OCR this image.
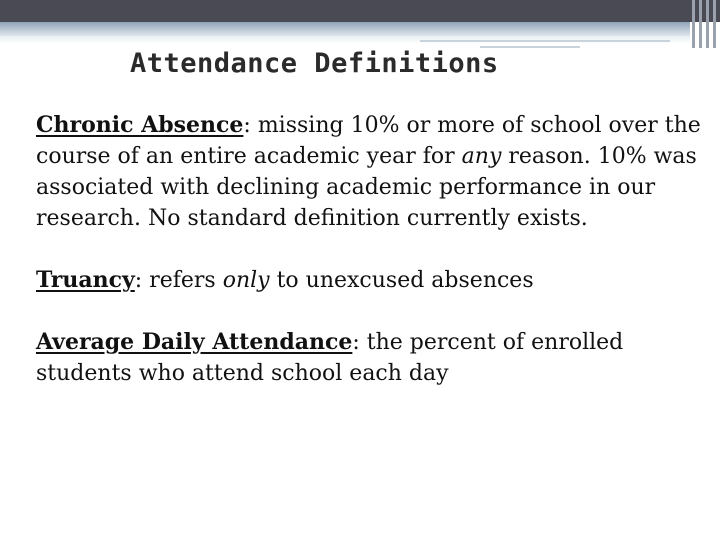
Attendance Definitions

Chronic Absence: missing 10% or more of school over the course of an entire academic year for any reason. 10% was associated with declining academic performance in our research. No standard definition currently exists.

Truancy: refers only to unexcused absences

Average Daily Attendance: the percent of enrolled students who attend school each day
